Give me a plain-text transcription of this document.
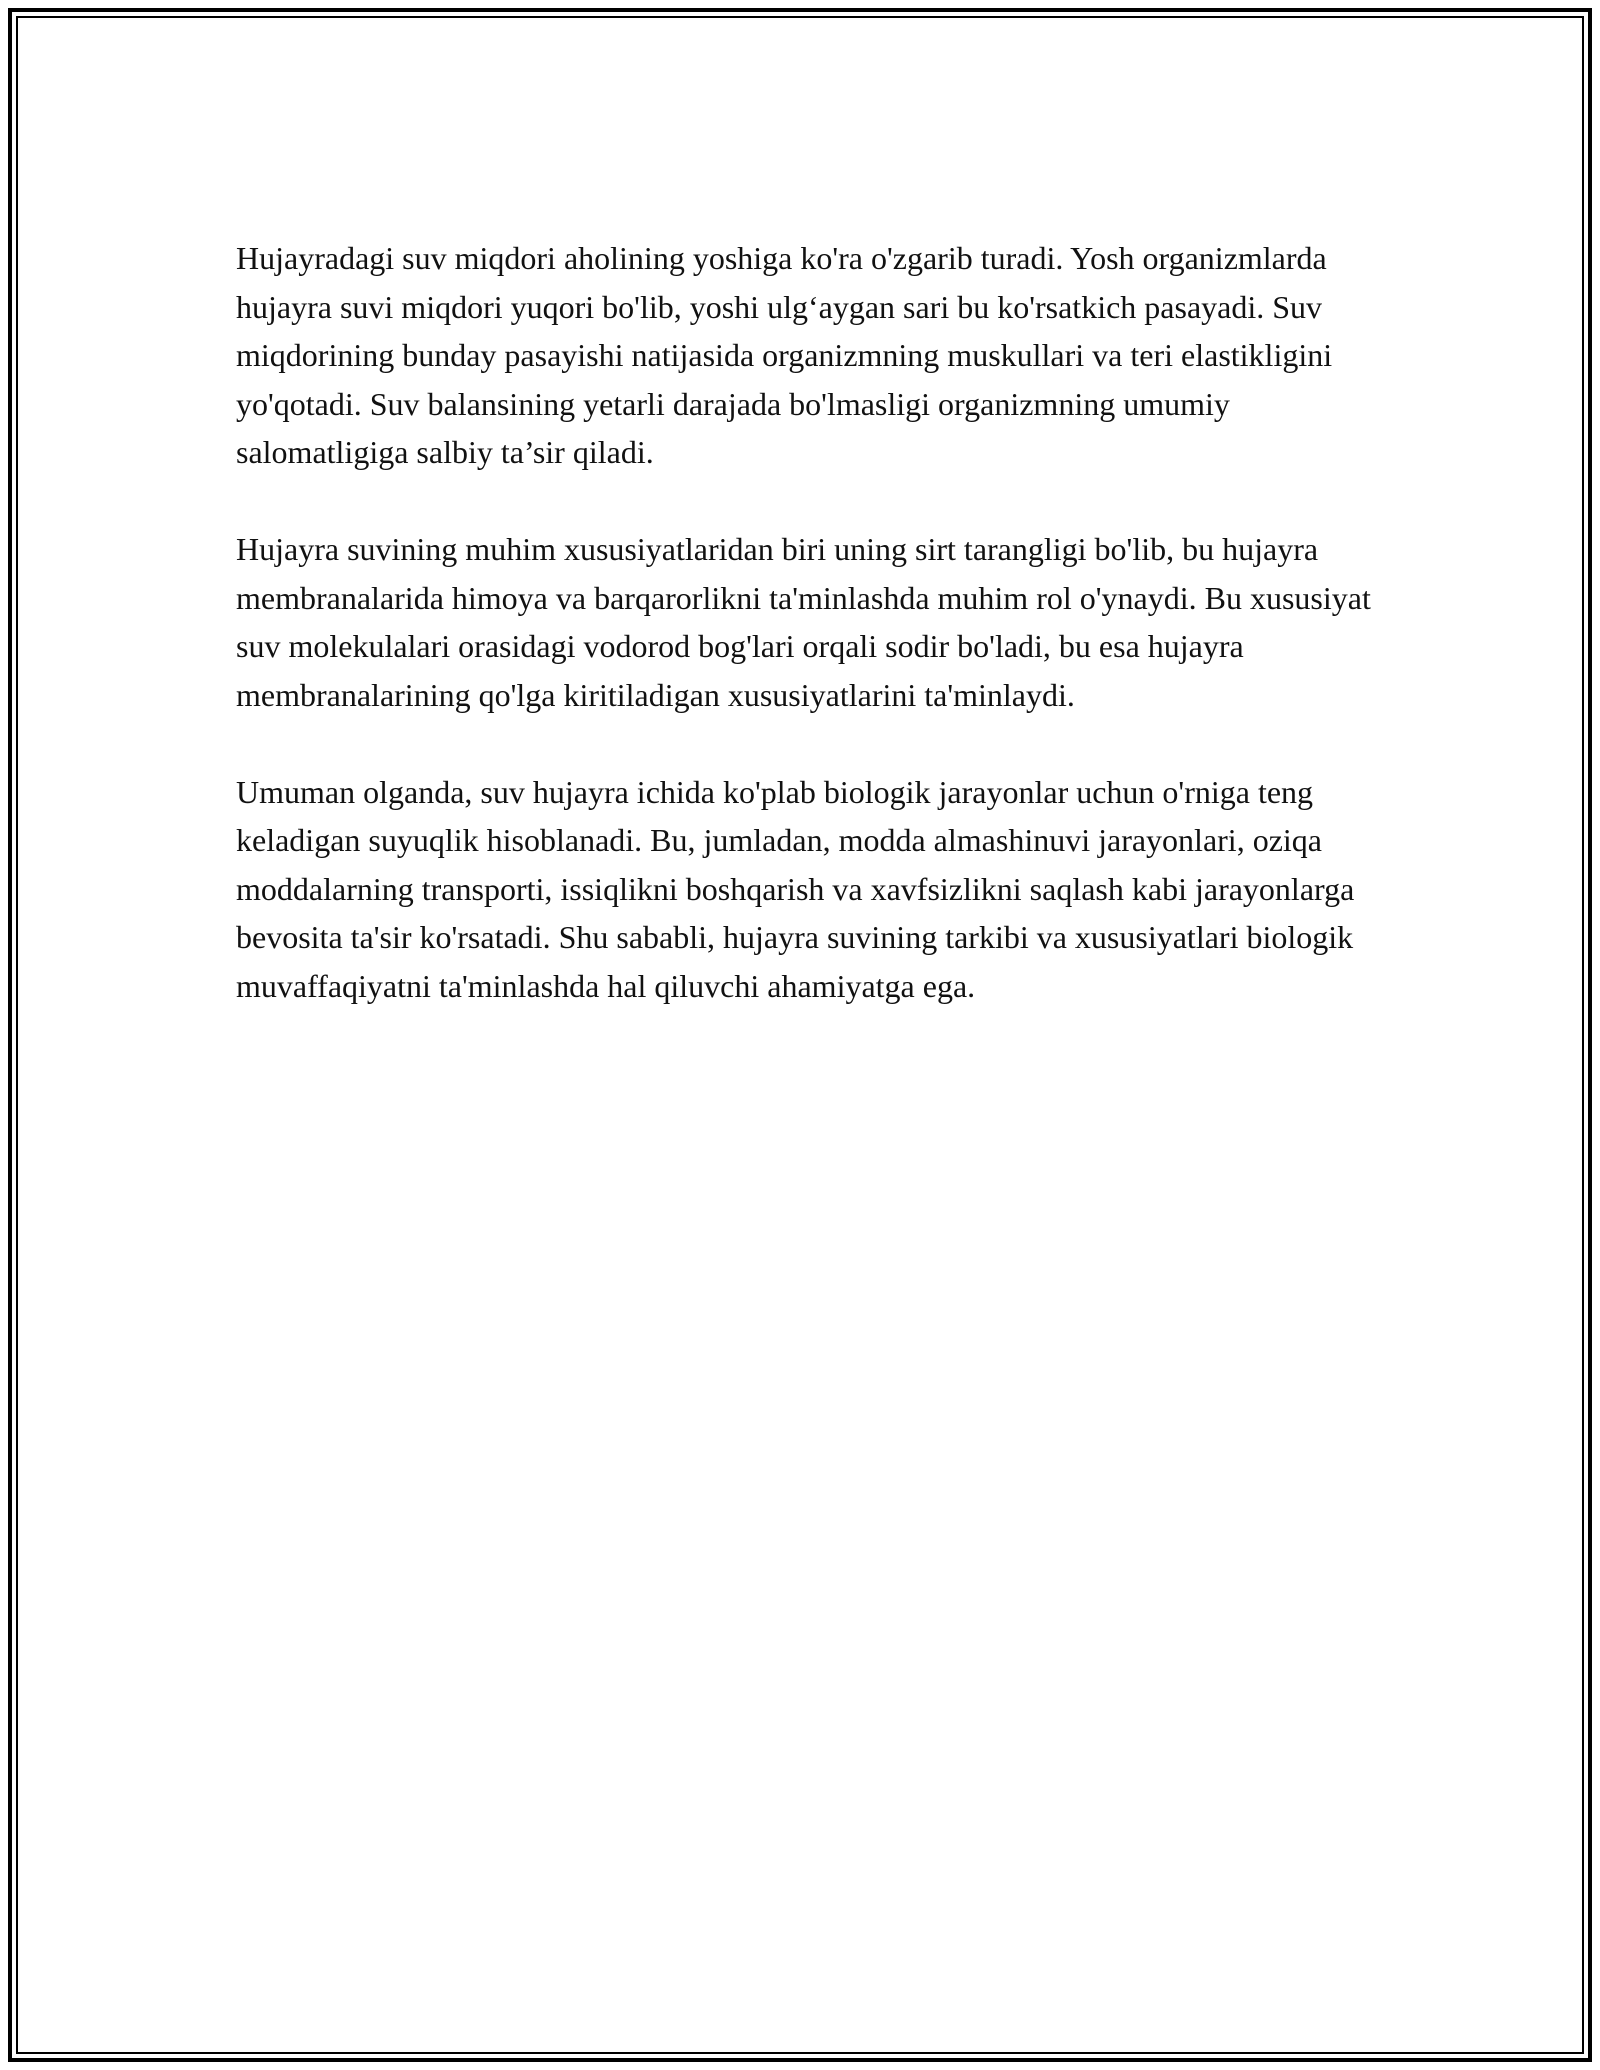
Hujayradagi suv miqdori aholining yoshiga ko'ra o'zgarib turadi. Yosh organizmlarda hujayra suvi miqdori yuqori bo'lib, yoshi ulg‘aygan sari bu ko'rsatkich pasayadi. Suv miqdorining bunday pasayishi natijasida organizmning muskullari va teri elastikligini yo'qotadi. Suv balansining yetarli darajada bo'lmasligi organizmning umumiy salomatligiga salbiy ta’sir qiladi.

Hujayra suvining muhim xususiyatlaridan biri uning sirt tarangligi bo'lib, bu hujayra membranalarida himoya va barqarorlikni ta'minlashda muhim rol o'ynaydi. Bu xususiyat suv molekulalari orasidagi vodorod bog'lari orqali sodir bo'ladi, bu esa hujayra membranalarining qo'lga kiritiladigan xususiyatlarini ta'minlaydi.

Umuman olganda, suv hujayra ichida ko'plab biologik jarayonlar uchun o'rniga teng keladigan suyuqlik hisoblanadi. Bu, jumladan, modda almashinuvi jarayonlari, oziqa moddalarning transporti, issiqlikni boshqarish va xavfsizlikni saqlash kabi jarayonlarga bevosita ta'sir ko'rsatadi. Shu sababli, hujayra suvining tarkibi va xususiyatlari biologik muvaffaqiyatni ta'minlashda hal qiluvchi ahamiyatga ega.
